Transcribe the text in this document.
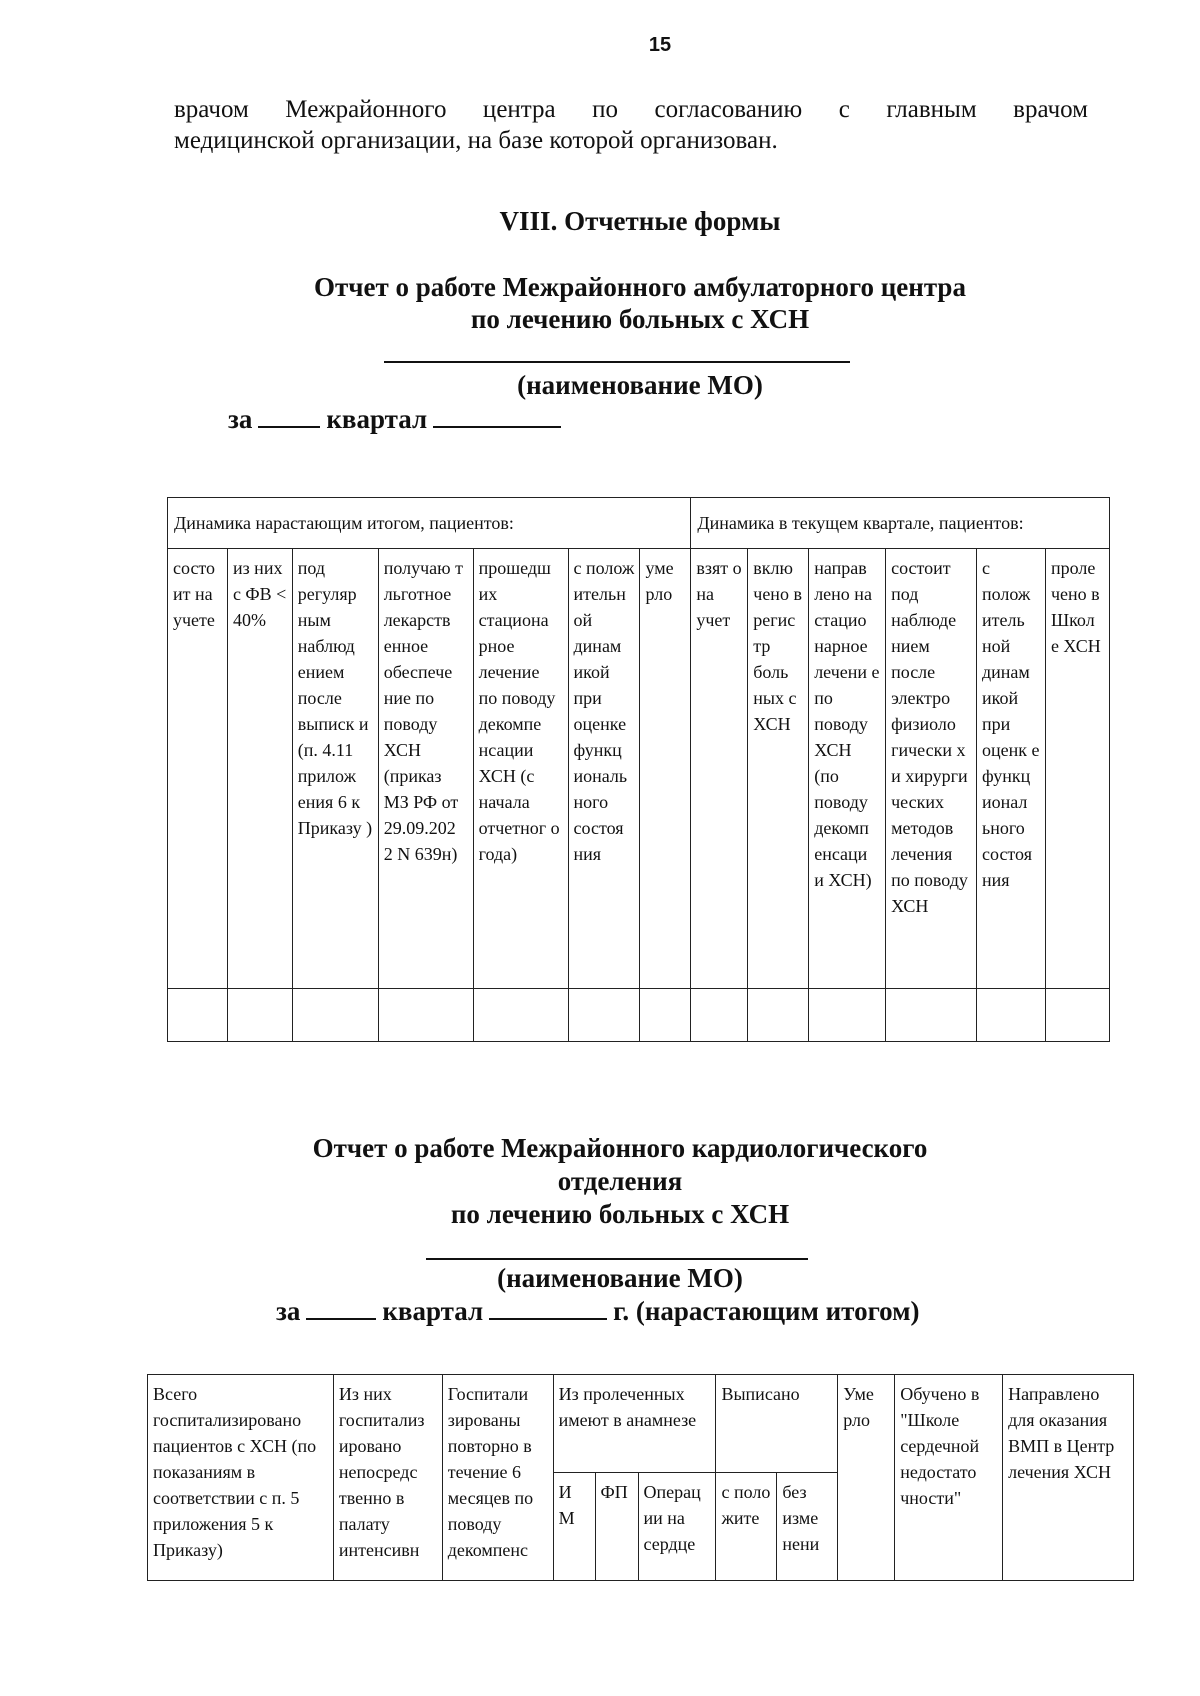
15
врачом Межрайонного центра по согласованию с главным врачом
медицинской организации, на базе которой организован.
VIII. Отчетные формы
Отчет о работе Межрайонного амбулаторного центра
по лечению больных с ХСН
(наименование МО)
за	квартал
Динамика нарастающим итогом, пациентов:							Динамика в текущем квартале, пациентов:					
состо ит на учете	из них с ФВ < 40%	под регуляр ным наблюд ением после выписк и (п. 4.11 прилож ения 6 к Приказу )	получаю т льготное лекарств енное обеспече ние по поводу ХСН (приказ МЗ РФ от 29.09.202 2 N 639н)	прошедш их стациона рное лечение по поводу декомпе нсации ХСН (с начала отчетног о года)	с полож ительн ой динам икой при оценке функц иональ ного состоя ния	уме рло	взят о на учет	вклю чено в регис тр боль ных с ХСН	направ лено на стацио нарное лечени е по поводу ХСН (по поводу декомп енсаци и ХСН)	состоит под наблюде нием после электро физиоло гически х и хирурги ческих методов лечения по поводу ХСН	с полож итель ной динам икой при оценк е функц ионал ьного состоя ния	проле чено в Школ е ХСН

Отчет о работе Межрайонного кардиологического
отделения
по лечению больных с ХСН
(наименование МО)
за	квартал	г. (нарастающим итогом)
Всего госпитализировано пациентов с ХСН (по показаниям в соответствии с п. 5 приложения 5 к Приказу)	Из них госпитализ ировано непосредс твенно в палату интенсивн	Госпитали зированы повторно в течение 6 месяцев по поводу декомпенс	Из пролеченных имеют в анамнезе			Выписано		Уме рло	Обучено в "Школе сердечной недостато чности"	Направлено для оказания ВМП в Центр лечения ХСН
			И М	ФП	Операц ии на сердце	с поло жите	без изме нени			
